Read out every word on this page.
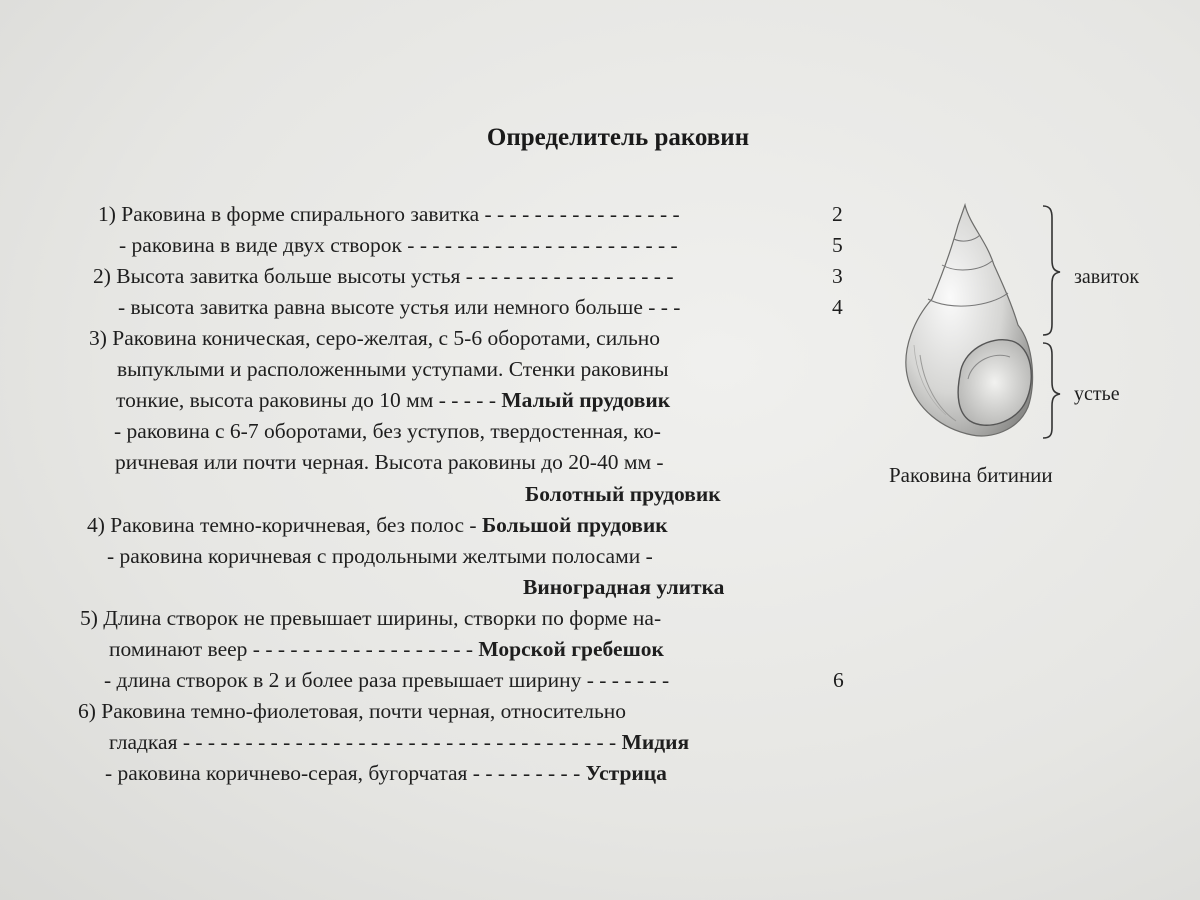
Определитель раковин
1) Раковина в форме спирального завитка - - - - - - - - - - - - - - - -	2
- раковина в виде двух створок - - - - - - - - - - - - - - - - - - - - - -	5
2) Высота завитка больше высоты устья - - - - - - - - - - - - - - - - -	3
- высота завитка равна высоте устья или немного больше - - -	4
3) Раковина коническая, серо-желтая, с 5-6 оборотами, сильно
выпуклыми и расположенными уступами. Стенки раковины
тонкие, высота раковины до 10 мм - - - - - Малый прудовик
- раковина с 6-7 оборотами, без уступов, твердостенная, ко-
ричневая или почти черная. Высота раковины до 20-40 мм -
Болотный прудовик
4) Раковина темно-коричневая, без полос - Большой прудовик
- раковина коричневая с продольными желтыми полосами -
Виноградная улитка
5) Длина створок не превышает ширины, створки по форме на-
поминают веер - - - - - - - - - - - - - - - - - - Морской гребешок
- длина створок в 2 и более раза превышает ширину - - - - - - -	6
6) Раковина темно-фиолетовая, почти черная, относительно
гладкая - - - - - - - - - - - - - - - - - - - - - - - - - - - - - - - - - - - Мидия
- раковина коричнево-серая, бугорчатая - - - - - - - - - Устрица
завиток
устье
Раковина битинии
